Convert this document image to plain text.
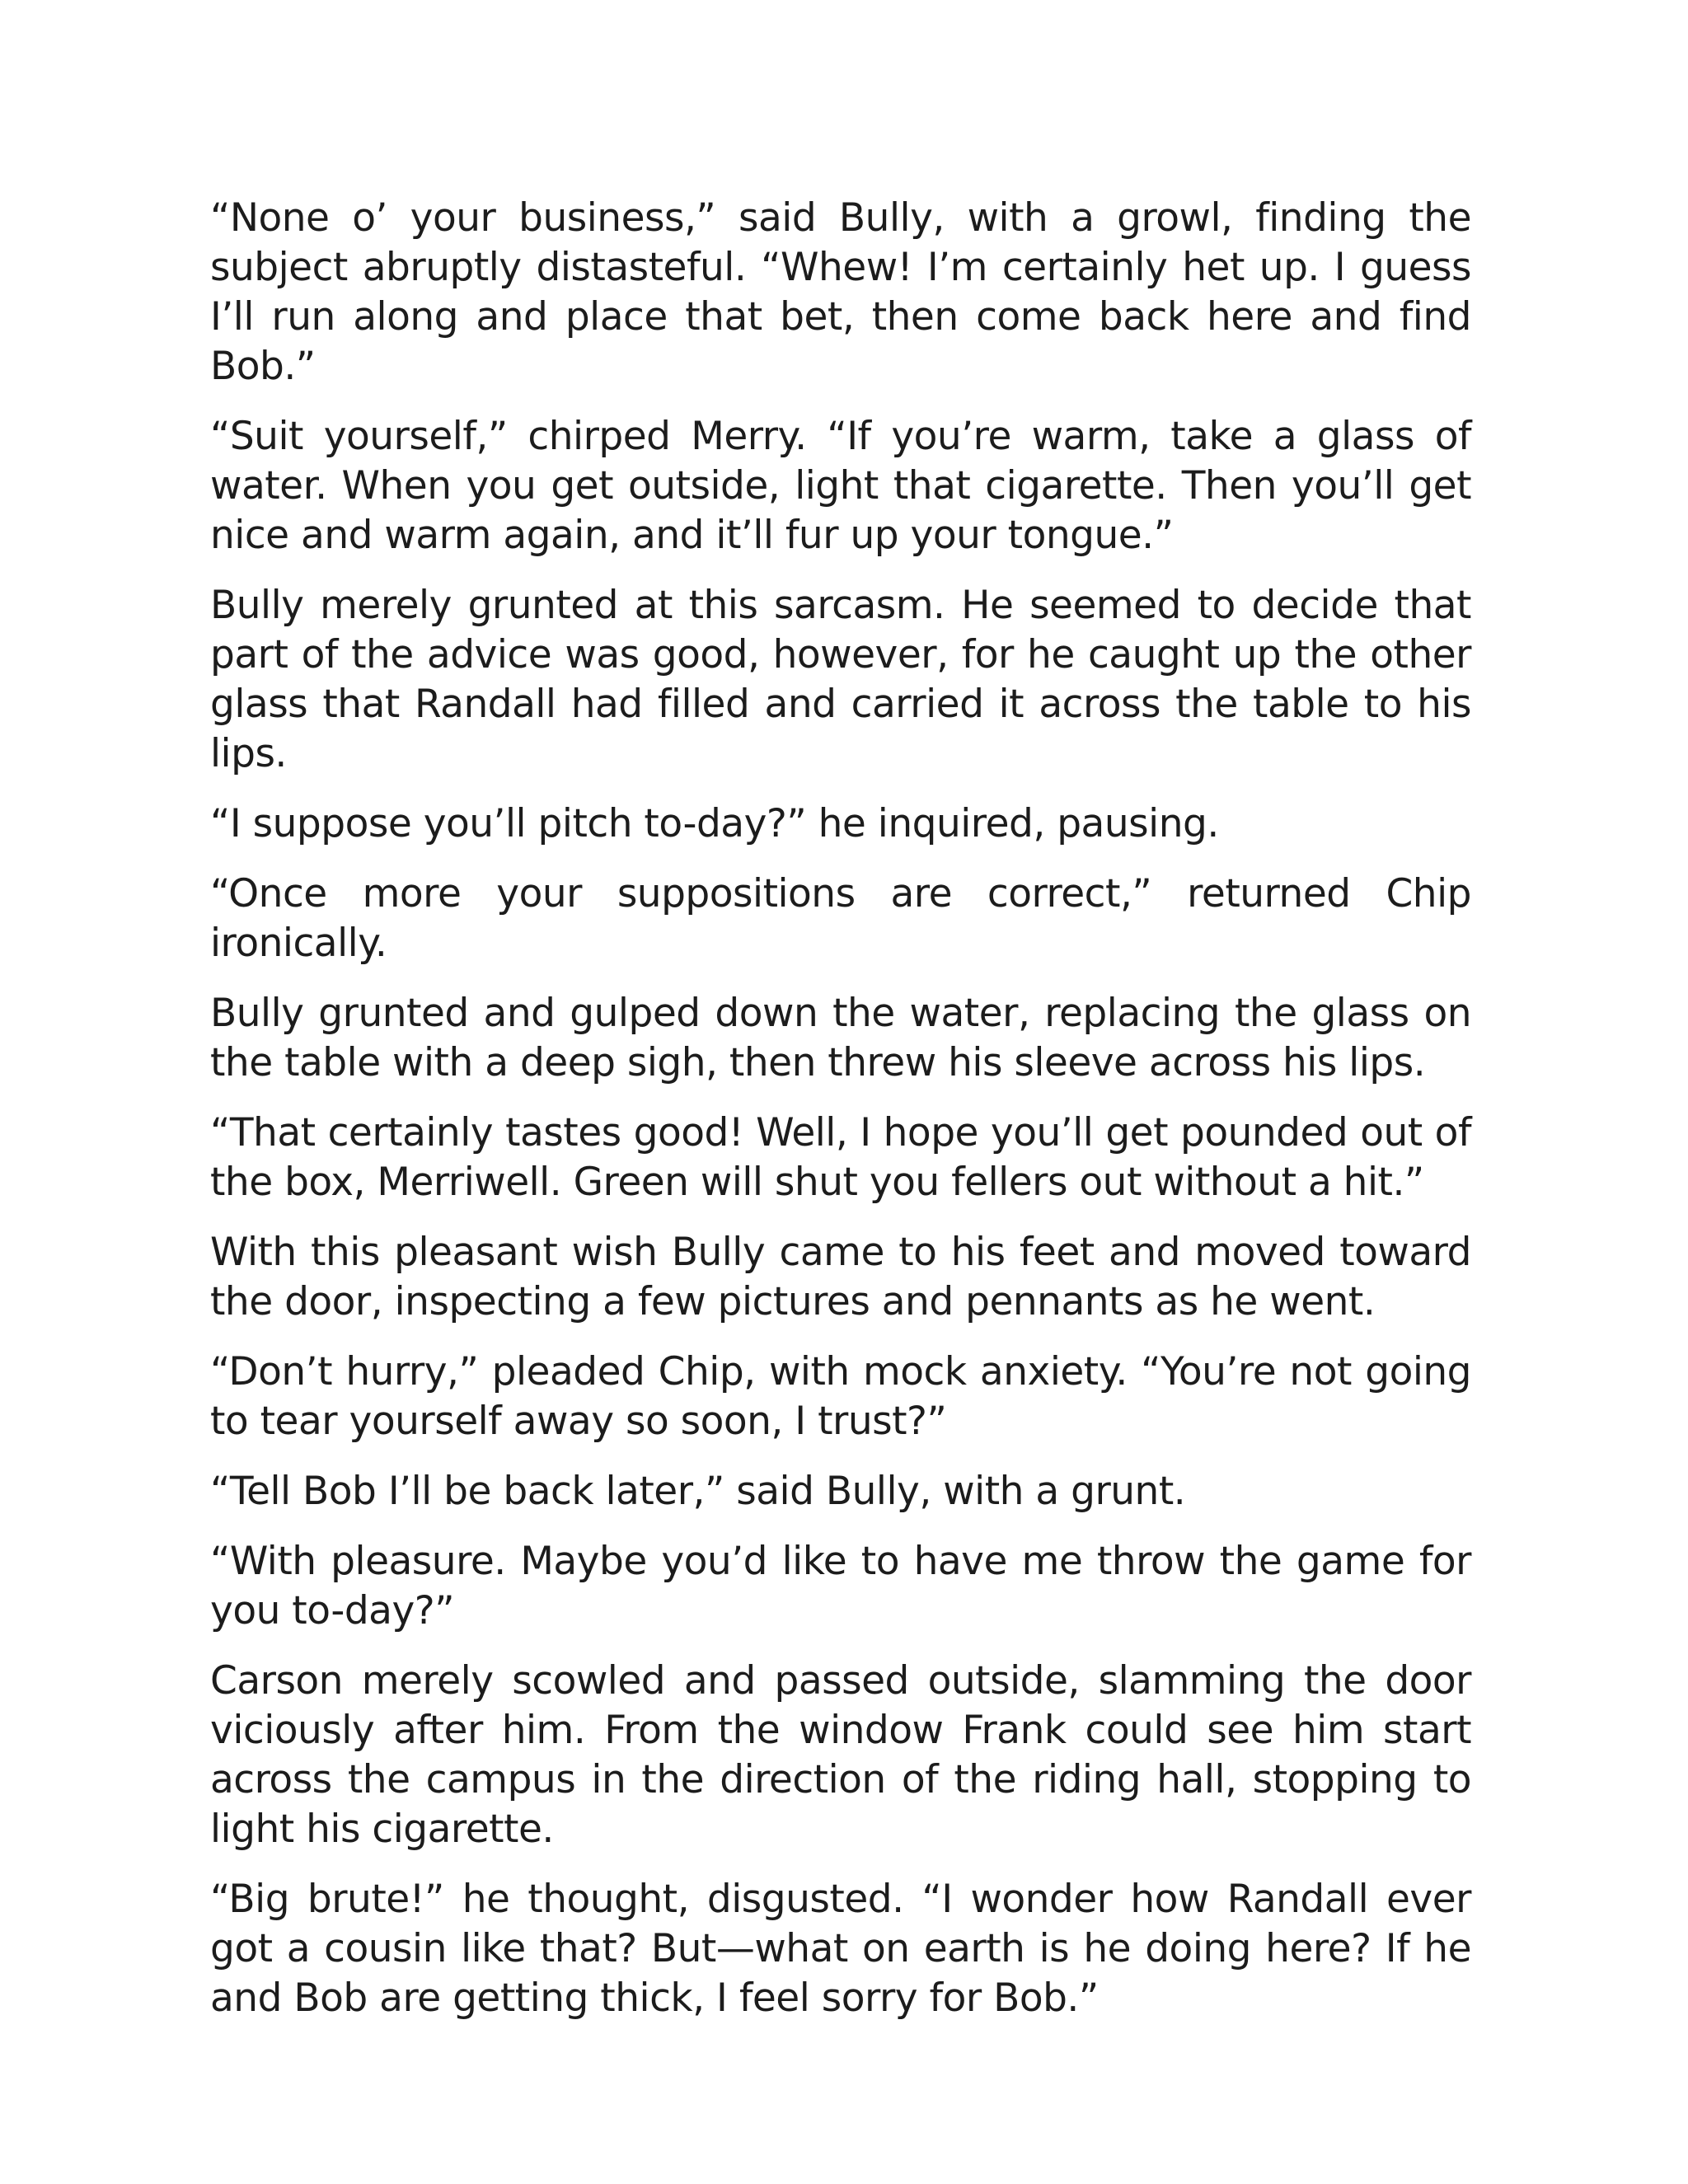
“None o’ your business,” said Bully, with a growl, finding the subject abruptly distasteful. “Whew! I’m certainly het up. I guess I’ll run along and place that bet, then come back here and find Bob.”

“Suit yourself,” chirped Merry. “If you’re warm, take a glass of water. When you get outside, light that cigarette. Then you’ll get nice and warm again, and it’ll fur up your tongue.”

Bully merely grunted at this sarcasm. He seemed to decide that part of the advice was good, however, for he caught up the other glass that Randall had filled and carried it across the table to his lips.

“I suppose you’ll pitch to-day?” he inquired, pausing.

“Once more your suppositions are correct,” returned Chip ironically.

Bully grunted and gulped down the water, replacing the glass on the table with a deep sigh, then threw his sleeve across his lips.

“That certainly tastes good! Well, I hope you’ll get pounded out of the box, Merriwell. Green will shut you fellers out without a hit.”

With this pleasant wish Bully came to his feet and moved toward the door, inspecting a few pictures and pennants as he went.

“Don’t hurry,” pleaded Chip, with mock anxiety. “You’re not going to tear yourself away so soon, I trust?”

“Tell Bob I’ll be back later,” said Bully, with a grunt.

“With pleasure. Maybe you’d like to have me throw the game for you to-day?”

Carson merely scowled and passed outside, slamming the door viciously after him. From the window Frank could see him start across the campus in the direction of the riding hall, stopping to light his cigarette.

“Big brute!” he thought, disgusted. “I wonder how Randall ever got a cousin like that? But—what on earth is he doing here? If he and Bob are getting thick, I feel sorry for Bob.”
